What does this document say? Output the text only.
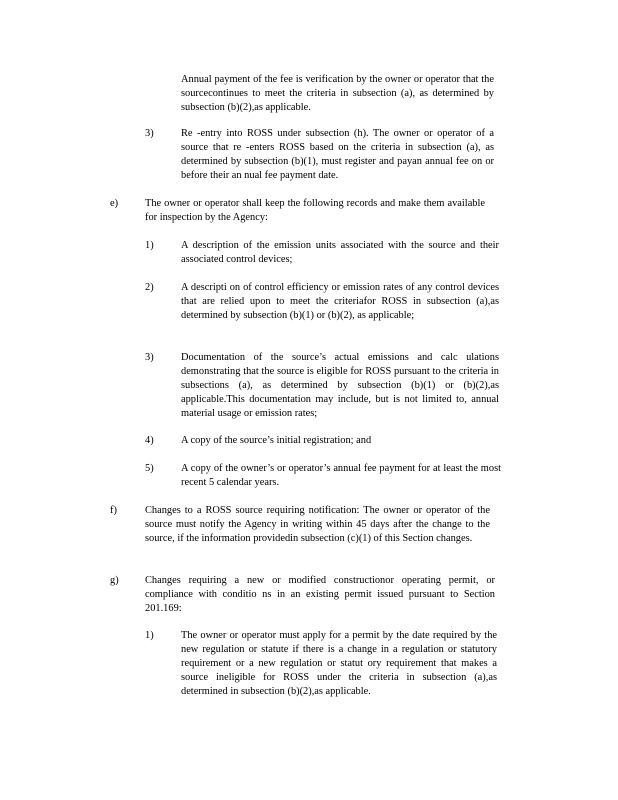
Annual payment of the fee is verification by the owner or operator that the sourcecontinues to meet the criteria in subsection (a), as determined by subsection (b)(2),as applicable.

3)	Re -entry into ROSS under subsection (h). The owner or operator of a source that re -enters ROSS based on the criteria in subsection (a), as determined by subsection (b)(1), must register and payan annual fee on or before their an nual fee payment date.

e)	The owner or operator shall keep the following records and make them available for inspection by the Agency:

1)	A description of the emission units associated with the source and their associated control devices;

2)	A descripti on of control efficiency or emission rates of any control devices that are relied upon to meet the criteriafor ROSS in subsection (a),as determined by subsection (b)(1) or (b)(2), as applicable;

3)	Documentation of the source’s actual emissions and calc ulations demonstrating that the source is eligible for ROSS pursuant to the criteria in subsections (a), as determined by subsection (b)(1) or (b)(2),as applicable.This documentation may include, but is not limited to, annual material usage or emission rates;

4)	A copy of the source’s initial registration; and

5)	A copy of the owner’s or operator’s annual fee payment for at least the most recent 5 calendar years.

f)	Changes to a ROSS source requiring notification: The owner or operator of the source must notify the Agency in writing within 45 days after the change to the source, if the information providedin subsection (c)(1) of this Section changes.

g)	Changes requiring a new or modified constructionor operating permit, or compliance with conditio ns in an existing permit issued pursuant to Section 201.169:

1)	The owner or operator must apply for a permit by the date required by the new regulation or statute if there is a change in a regulation or statutory requirement or a new regulation or statut ory requirement that makes a source ineligible for ROSS under the criteria in subsection (a),as determined in subsection (b)(2),as applicable.
